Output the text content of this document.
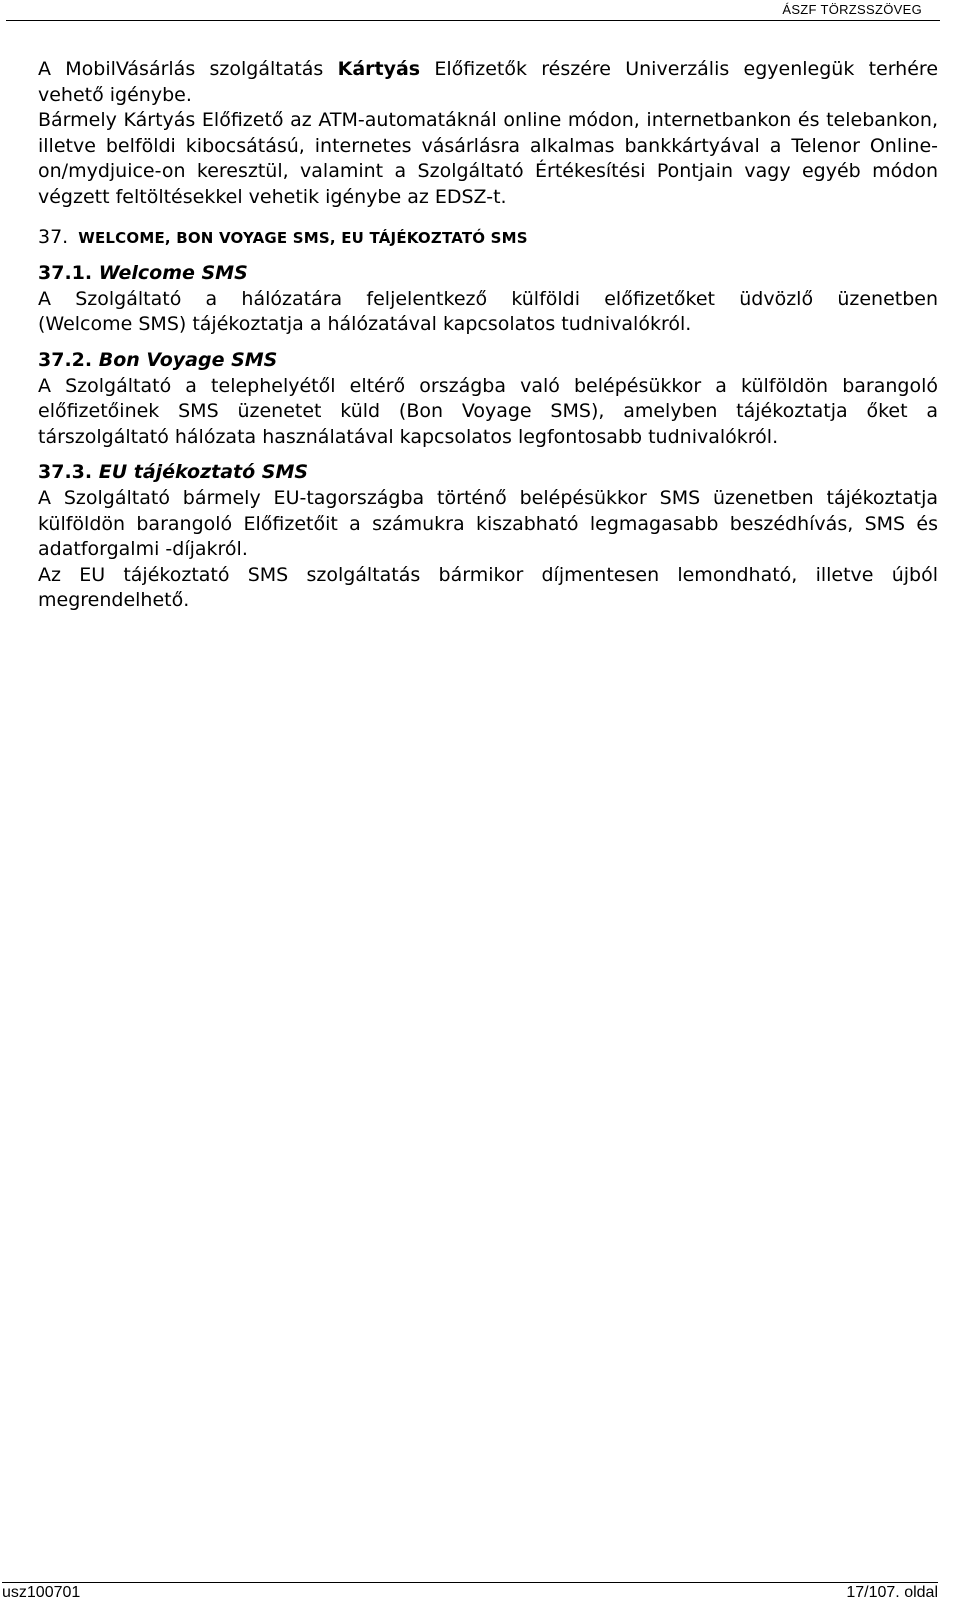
ÁSZF TÖRZSSZÖVEG

A MobilVásárlás szolgáltatás Kártyás Előfizetők részére Univerzális egyenlegük terhére

vehető igénybe.

Bármely Kártyás Előfizető az ATM-automatáknál online módon, internetbankon és telebankon, illetve belföldi kibocsátású, internetes vásárlásra alkalmas bankkártyával a Telenor Online-on/mydjuice-on keresztül, valamint a Szolgáltató Értékesítési Pontjain vagy egyéb módon végzett feltöltésekkel vehetik igénybe az EDSZ-t.

37. WELCOME, BON VOYAGE SMS, EU TÁJÉKOZTATÓ SMS
37.1. Welcome SMS

A Szolgáltató a hálózatára feljelentkező külföldi előfizetőket üdvözlő üzenetben

(Welcome SMS) tájékoztatja a hálózatával kapcsolatos tudnivalókról.

37.2. Bon Voyage SMS

A Szolgáltató a telephelyétől eltérő országba való belépésükkor a külföldön barangoló előfizetőinek SMS üzenetet küld (Bon Voyage SMS), amelyben tájékoztatja őket a társzolgáltató hálózata használatával kapcsolatos legfontosabb tudnivalókról.

37.3. EU tájékoztató SMS

A Szolgáltató bármely EU-tagországba történő belépésükkor SMS üzenetben tájékoztatja külföldön barangoló Előfizetőit a számukra kiszabható legmagasabb beszédhívás, SMS és adatforgalmi -díjakról.

Az EU tájékoztató SMS szolgáltatás bármikor díjmentesen lemondható, illetve újból megrendelhető.

usz100701	17/107. oldal
